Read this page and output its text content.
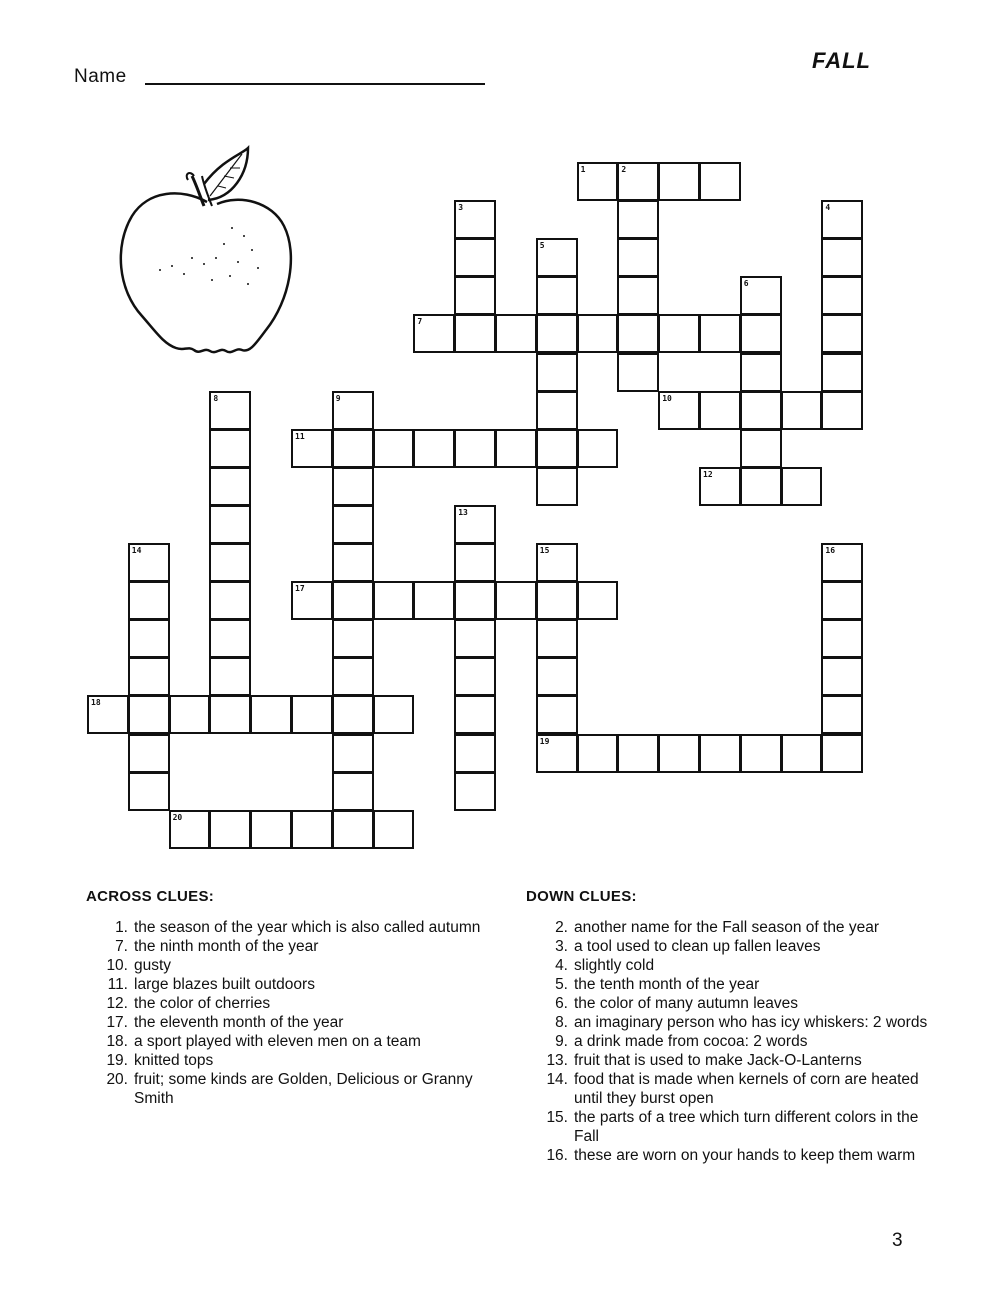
Name
FALL
1	2
3	4
5
6
7
8	9	10
11
12
13
14	15
19
16
17
18
20
ACROSS CLUES:
1. the season of the year which is also called autumn
7. the ninth month of the year
10. gusty
11. large blazes built outdoors
12. the color of cherries
17. the eleventh month of the year
18. a sport played with eleven men on a team
19. knitted tops
20. fruit; some kinds are Golden, Delicious or Granny Smith
DOWN CLUES:
2. another name for the Fall season of the year
3. a tool used to clean up fallen leaves
4. slightly cold
5. the tenth month of the year
6. the color of many autumn leaves
8. an imaginary person who has icy whiskers: 2 words
9. a drink made from cocoa: 2 words
13. fruit that is used to make Jack-O-Lanterns
14. food that is made when kernels of corn are heated until they burst open
15. the parts of a tree which turn different colors in the Fall
16. these are worn on your hands to keep them warm
3
